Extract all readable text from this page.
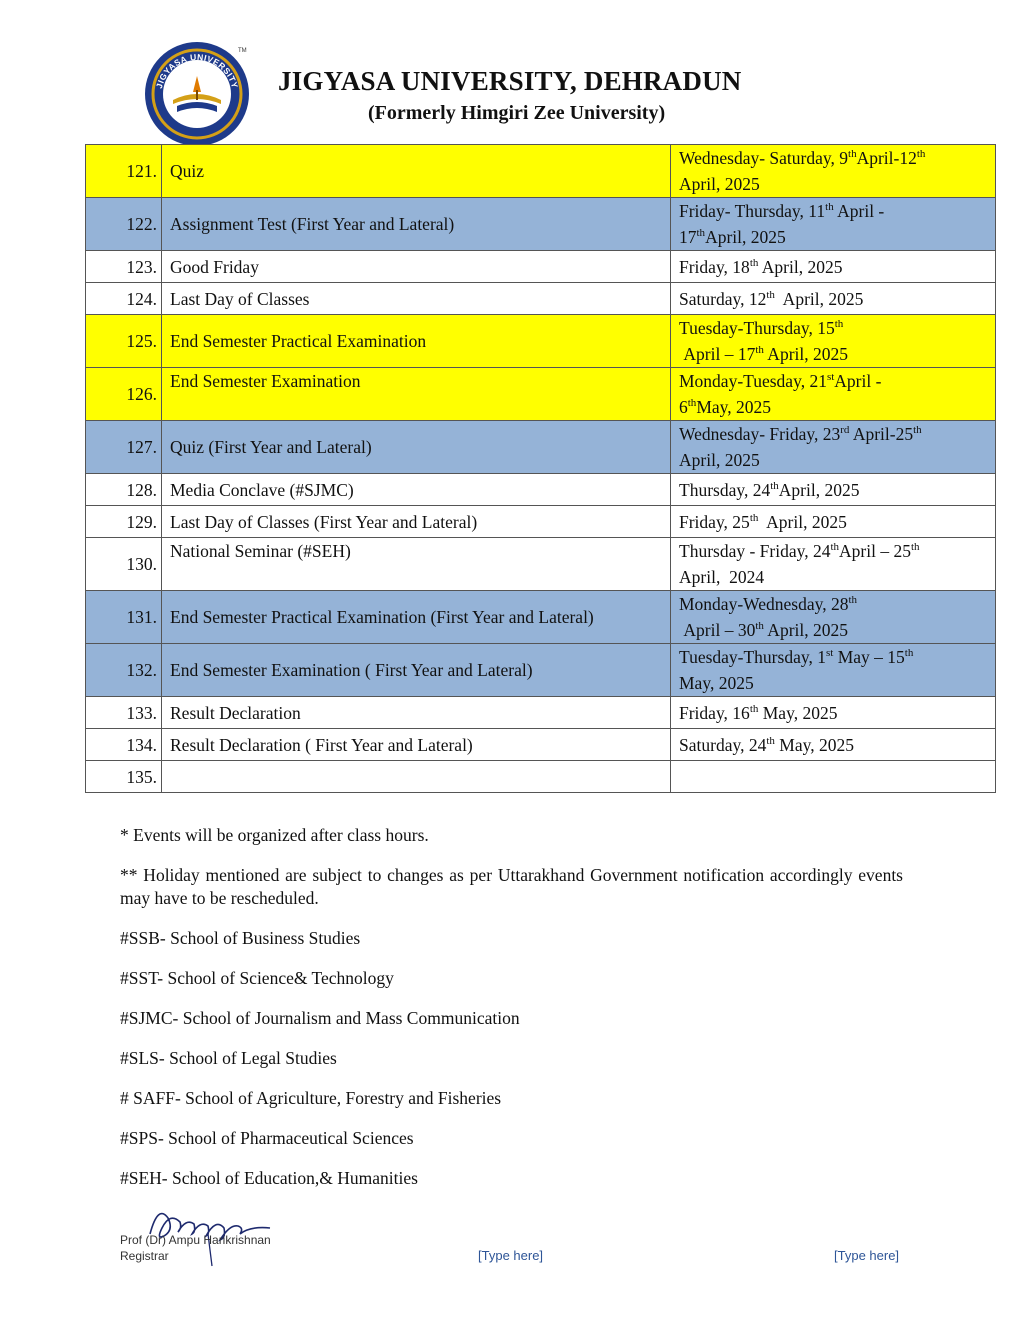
JIGYASA UNIVERSITY
TM
JIGYASA UNIVERSITY, DEHRADUN
(Formerly Himgiri Zee University)
121.	Quiz	Wednesday- Saturday, 9thApril-12th
April, 2025
122.	Assignment Test (First Year and Lateral)	Friday- Thursday, 11th April -
17thApril, 2025
123.	Good Friday	Friday, 18th April, 2025
124.	Last Day of Classes	Saturday, 12th  April, 2025
125.	End Semester Practical Examination	Tuesday-Thursday, 15th
April – 17th April, 2025
126.	End Semester Examination	Monday-Tuesday, 21stApril -
6thMay, 2025
127.	Quiz (First Year and Lateral)	Wednesday- Friday, 23rd April-25th
April, 2025
128.	Media Conclave (#SJMC)	Thursday, 24thApril, 2025
129.	Last Day of Classes (First Year and Lateral)	Friday, 25th  April, 2025
130.	National Seminar (#SEH)	Thursday - Friday, 24thApril – 25th
April,  2024
131.	End Semester Practical Examination (First Year and Lateral)	Monday-Wednesday, 28th
April – 30th April, 2025
132.	End Semester Examination ( First Year and Lateral)	Tuesday-Thursday, 1st May – 15th
May, 2025
133.	Result Declaration	Friday, 16th May, 2025
134.	Result Declaration ( First Year and Lateral)	Saturday, 24th May, 2025
135.		

* Events will be organized after class hours.

** Holiday mentioned are subject to changes as per Uttarakhand Government notification accordingly events may have to be rescheduled.

#SSB- School of Business Studies

#SST- School of Science& Technology

#SJMC- School of Journalism and Mass Communication

#SLS- School of Legal Studies

# SAFF- School of Agriculture, Forestry and Fisheries

#SPS- School of Pharmaceutical Sciences

#SEH- School of Education,& Humanities

Prof (Dr) Ampu Harikrishnan
Registrar	[Type here]	[Type here]
